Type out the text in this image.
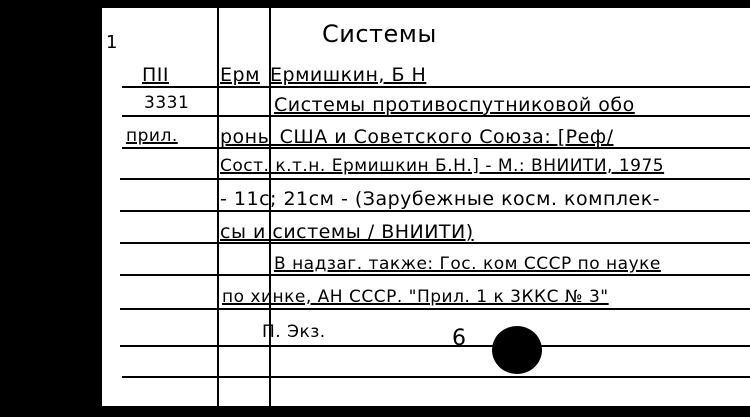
Системы
ПII
3331
прил.
Ерм Ермишкин, Б Н
Системы противоспутниковой обо
роны США и Советского Союза: [Реф/
Сост. к.т.н. Ермишкин Б.Н.] - М.: ВНИИТИ, 1975
- 11с; 21см - (Зарубежные косм. комплек-
сы и системы / ВНИИТИ)
В надзаг. также: Гос. ком СССР по науке
по хинке, АН СССР. "Прил. 1 к 3ККС № 3"
П. Экз.	6
1
